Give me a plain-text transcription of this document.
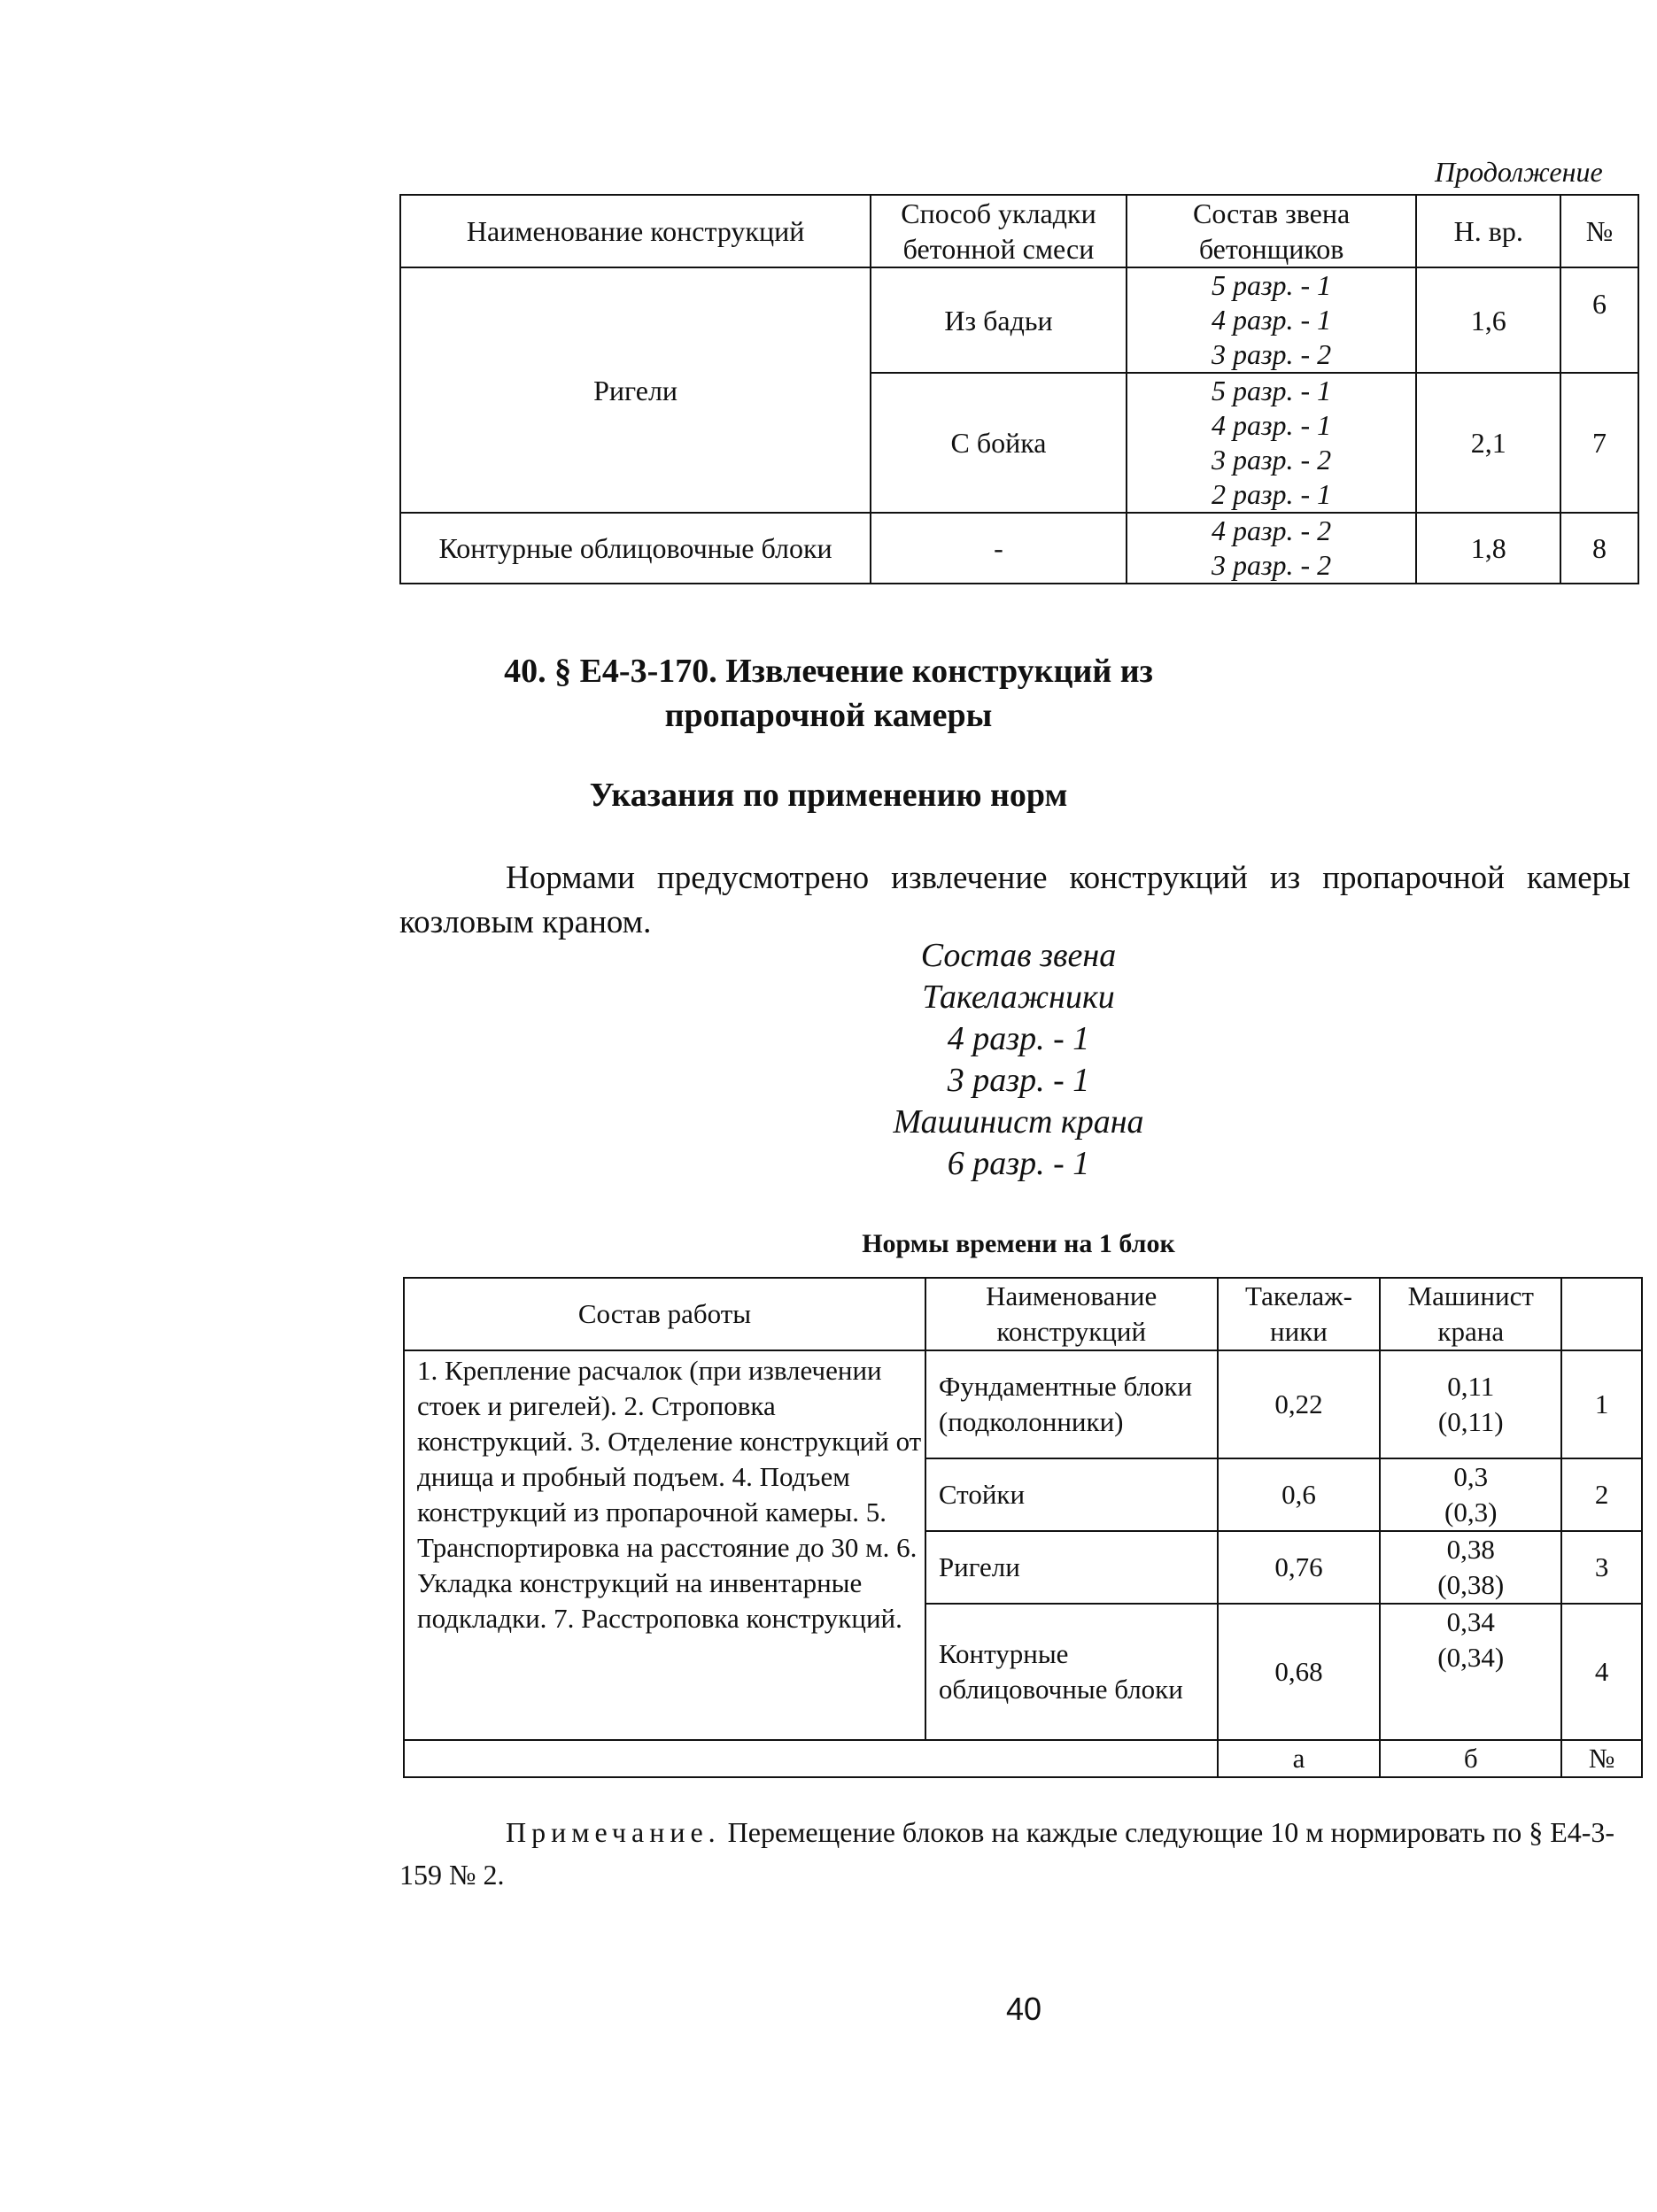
Продолжение
Наименование конструкций	Способ укладки бетонной смеси	Состав звена бетонщиков	Н. вр.	№
Ригели	Из бадьи	5 разр. - 1
4 разр. - 1
3 разр. - 2	1,6	6
	С бойка	5 разр. - 1
4 разр. - 1
3 разр. - 2
2 разр. - 1	2,1	7
Контурные облицовочные блоки	-	4 разр. - 2
3 разр. - 2	1,8	8
40. § Е4-3-170. Извлечение конструкций из
пропарочной камеры
Указания по применению норм
Нормами предусмотрено извлечение конструкций из пропарочной камеры козловым краном.
Состав звена
Такелажники
4 разр. - 1
3 разр. - 1
Машинист крана
6 разр. - 1
Нормы времени на 1 блок
Состав работы	Наименование конструкций	Такелаж-ники	Машинист крана	
1. Крепление расчалок (при извлечении стоек и ригелей). 2. Строповка конструкций. 3. Отделение конструкций от днища и пробный подъем. 4. Подъем конструкций из пропарочной камеры. 5. Транспортировка на расстояние до 30 м. 6. Укладка конструкций на инвентарные подкладки. 7. Расстроповка конструкций.	Фундаментные блоки (подколонники)	0,22	0,11
(0,11)	1
	Стойки	0,6	0,3
(0,3)	2
	Ригели	0,76	0,38
(0,38)	3
	Контурные облицовочные блоки	0,68	0,34
(0,34)	4
		а	б	№
Примечание. Перемещение блоков на каждые следующие 10 м нормировать по § Е4-3-159 № 2.
40
